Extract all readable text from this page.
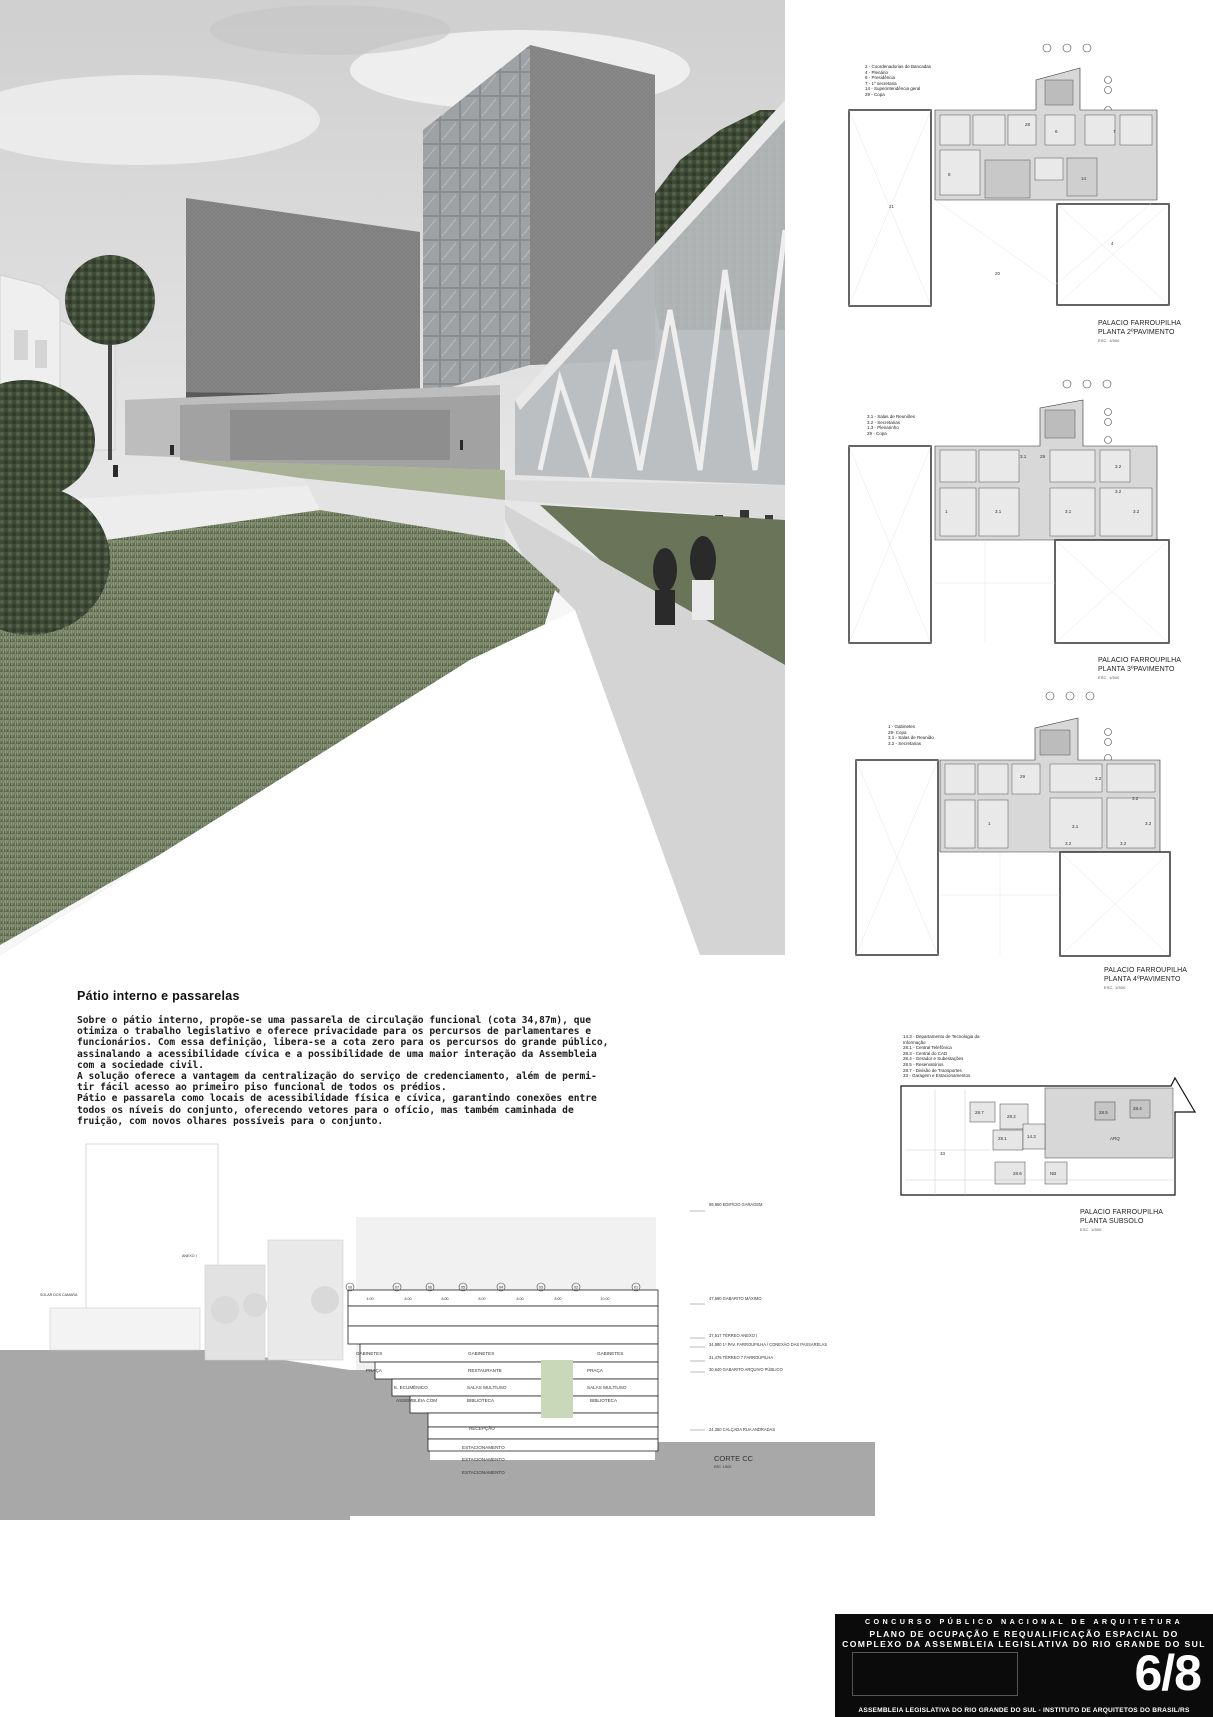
2 - Coordenadorias de Bancadas
4 - Plenário
6 - Presidência
7 - 1º secretaria
14 - Superintendência geral
29 - Copa
21
20
4
8
7
6
14
28
PALACIO FARROUPILHA
PLANTA 2ºPAVIMENTO
ESC. 1/500
3.1 - Salas de Reuniões
3.2 - Secretarias
1.3 - Plenarinho
29 - Copa
3.1
3.1	3.1
3.2
3.2
3.2
29
1
PALACIO FARROUPILHA
PLANTA 3ºPAVIMENTO
ESC. 1/500
1 - Gabinetes
29- Copa
3.1 - Salas de Reunião
3.2 - Secretarias
3.2
3.2
3.2
3.1
3.2	3.2
29
1
PALACIO FARROUPILHA
PLANTA 4ºPAVIMENTO
ESC. 1/500
14.3 - Departamento de Tecnologia da
Informação
28.1 - Central Telefônica
28.3 - Central do CAD
28.4 - Gerador e Subestações
28.5 - Reservatórios
28.7 - Divisão de Transportes
33 - Garagem e Estacionamentos
28.7
28.2
28.5
28.4
28.1	14.3	ARQ
33
28.6	NB
PALACIO FARROUPILHA
PLANTA SUBSOLO
ESC. 1/500
Pátio interno e passarelas

Sobre o pátio interno, propõe-se uma passarela de circulação funcional (cota 34,87m), que

otimiza o trabalho legislativo e oferece privacidade para os percursos de parlamentares e

funcionários. Com essa definição, libera-se a cota zero para os percursos do grande público,

assinalando a acessibilidade cívica e a possibilidade de uma maior interação da Assembleia

com a sociedade civil.

A solução oferece a vantagem da centralização do serviço de credenciamento, além de permi-

tir fácil acesso ao primeiro piso funcional de todos os prédios.

Pátio e passarela como locais de acessibilidade física e cívica, garantindo conexões entre

todos os níveis do conjunto, oferecendo vetores para o ofício, mas também caminhada de

fruição, com novos olhares possíveis para o conjunto.

08	07	06	05	04	03	02	01
4.00	8.00	8.00	8.00	8.00	8.00	10.00
GABINETES	GABINETES	GABINETES
PRAÇA	RESTAURANTE	PRAÇA
E. ECUMÊNICO	SALAS MULTIUSO	SALAS MULTIUSO
ASSEMBLÉIA.COM	BIBLIOTECA	BIBLIOTECA
RECEPÇÃO
ESTACIONAMENTO
ESTACIONAMENTO
ESTACIONAMENTO
ANEXO I
SOLAR DOS CAMARA
69,950 EDIFÍCIO GARAGEM
47,590 GABARITO MÁXIMO
37,517 TÉRREO ANEXO I
34,880 1º PAV. FARROUPILHA / CONEXÃO DAS PASSARELAS
31,475 TÉRREO 7 FARROUPILHA
30,640 GABARITO ARQUIVO PÚBLICO
24,350 CALÇADA RUA ANDRADAS
CORTE CC
ESC. 1/500
CONCURSO PÚBLICO NACIONAL DE ARQUITETURA
PLANO DE OCUPAÇÃO E REQUALIFICAÇÃO ESPACIAL DO
COMPLEXO DA ASSEMBLEIA LEGISLATIVA DO RIO GRANDE DO SUL
6/8
ASSEMBLEIA LEGISLATIVA DO RIO GRANDE DO SUL - INSTITUTO DE ARQUITETOS DO BRASIL/RS
